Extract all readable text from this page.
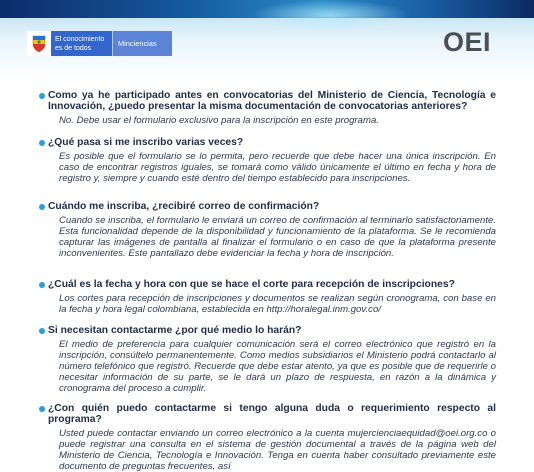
El conocimiento
es de todos	Minciencias	OEI
Como ya he participado antes en convocatorias del Ministerio de Ciencia, Tecnología e Innovación, ¿puedo presentar la misma documentación de convocatorias anteriores?
No. Debe usar el formulario exclusivo para la inscripción en este programa.
¿Qué pasa si me inscribo varias veces?
Es posible que el formulario se lo permita, pero recuerde que debe hacer una única inscripción. En caso de encontrar registros iguales, se tomará como válido únicamente el último en fecha y hora de registro y, siempre y cuando esté dentro del tiempo establecido para inscripciones.
Cuándo me inscriba, ¿recibiré correo de confirmación?
Cuando se inscriba, el formulario le enviará un correo de confirmación al terminarlo satisfactoriamente. Esta funcionalidad depende de la disponibilidad y funcionamiento de la plataforma. Se le recomienda capturar las imágenes de pantalla al finalizar el formulario o en caso de que la plataforma presente inconvenientes. Este pantallazo debe evidenciar la fecha y hora de inscripción.
¿Cuál es la fecha y hora con que se hace el corte para recepción de inscripciones?
Los cortes para recepción de inscripciones y documentos se realizan según cronograma, con base en la fecha y hora legal colombiana, establecida en http://horalegal.inm.gov.co/
Si necesitan contactarme ¿por qué medio lo harán?
El medio de preferencia para cualquier comunicación será el correo electrónico que registró en la inscripción, consúltelo permanentemente. Como medios subsidiarios el Ministerio podrá contactarlo al número telefónico que registró. Recuerde que debe estar atento, ya que es posible que de requerirle o necesitar información de su parte, se le dará un plazo de respuesta, en razón a la dinámica y cronograma del proceso a cumplir.
¿Con quién puedo contactarme si tengo alguna duda o requerimiento respecto al programa?
Usted puede contactar enviando un correo electrónico a la cuenta mujercienciaequidad@oei.org.co o puede registrar una consulta en el sistema de gestión documental a través de la página web del Ministerio de Ciencia, Tecnología e Innovación. Tenga en cuenta haber consultado previamente este documento de preguntas frecuentes, así
